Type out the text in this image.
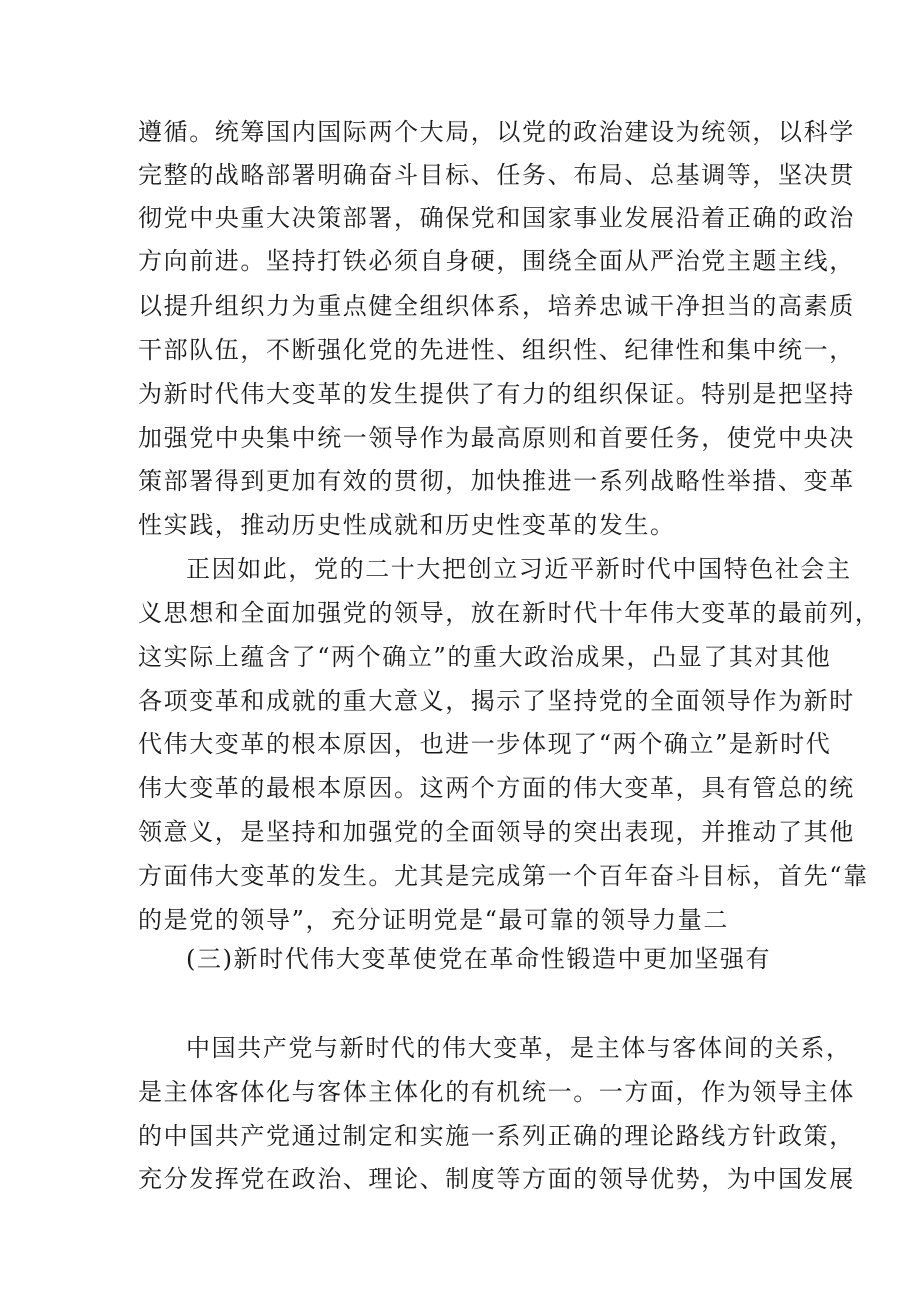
遵循。统筹国内国际两个大局，以党的政治建设为统领，以科学
完整的战略部署明确奋斗目标、任务、布局、总基调等，坚决贯
彻党中央重大决策部署，确保党和国家事业发展沿着正确的政治
方向前进。坚持打铁必须自身硬，围绕全面从严治党主题主线，
以提升组织力为重点健全组织体系，培养忠诚干净担当的高素质
干部队伍，不断强化党的先进性、组织性、纪律性和集中统一，
为新时代伟大变革的发生提供了有力的组织保证。特别是把坚持
加强党中央集中统一领导作为最高原则和首要任务，使党中央决
策部署得到更加有效的贯彻，加快推进一系列战略性举措、变革
性实践，推动历史性成就和历史性变革的发生。
正因如此，党的二十大把创立习近平新时代中国特色社会主
义思想和全面加强党的领导，放在新时代十年伟大变革的最前列，
这实际上蕴含了“两个确立”的重大政治成果，凸显了其对其他
各项变革和成就的重大意义，揭示了坚持党的全面领导作为新时
代伟大变革的根本原因，也进一步体现了“两个确立”是新时代
伟大变革的最根本原因。这两个方面的伟大变革，具有管总的统
领意义，是坚持和加强党的全面领导的突出表现，并推动了其他
方面伟大变革的发生。尤其是完成第一个百年奋斗目标，首先“靠
的是党的领导”，充分证明党是“最可靠的领导力量二
(三)新时代伟大变革使党在革命性锻造中更加坚强有
中国共产党与新时代的伟大变革，是主体与客体间的关系，
是主体客体化与客体主体化的有机统一。一方面，作为领导主体
的中国共产党通过制定和实施一系列正确的理论路线方针政策，
充分发挥党在政治、理论、制度等方面的领导优势，为中国发展
